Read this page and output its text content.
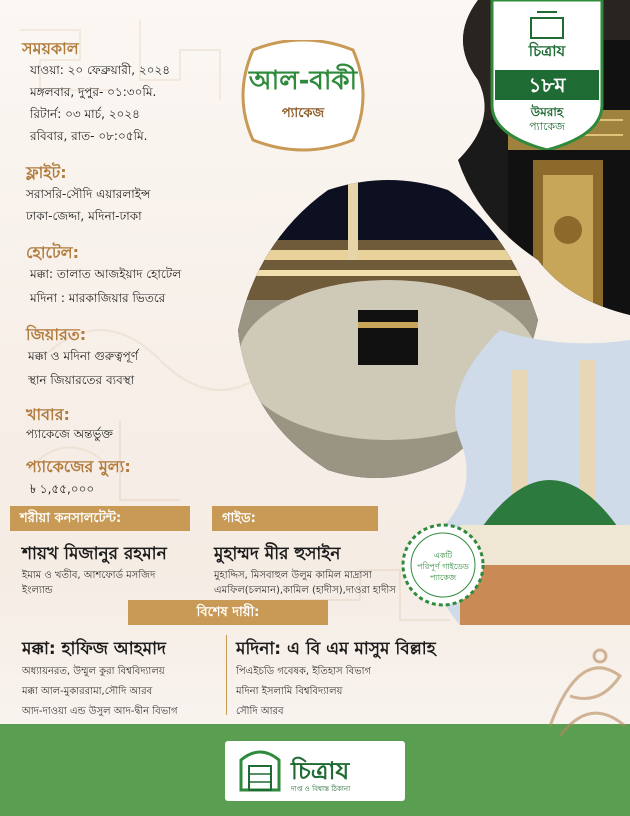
চিত্রায
১৮ম
উমরাহ
প্যাকেজ
আল-বাকী
প্যাকেজ
সময়কাল
যাওয়া: ২০ ফেব্রুয়ারী, ২০২৪
মঙ্গলবার, দুপুর- ০১:৩০মি.
রিটার্ন: ০৩ মার্চ, ২০২৪
রবিবার, রাত- ০৮:০৫মি.
ফ্লাইট:
সরাসরি-সৌদি এয়ারলাইন্স
ঢাকা-জেদ্দা, মদিনা-ঢাকা
হোটেল:
মক্কা: তালাত আজইয়াদ হোটেল
মদিনা : মারকাজিয়ার ভিতরে
জিয়ারত:
মক্কা ও মদিনা গুরুত্বপূর্ণ
স্থান জিয়ারতের ব্যবস্থা
খাবার:
প্যাকেজে অন্তর্ভুক্ত
প্যাকেজের মুল্য:
৳ ১,৫৫,০০০
শরীয়া কনসালটেন্ট:
শায়খ মিজানুর রহমান
ইমাম ও খতীব, আশফোর্ড মসজিদ
ইংল্যান্ড
গাইড:
মুহাম্মদ মীর হুসাইন
মুহাদ্দিস, মিসবাহুল উলুম কামিল মাদ্রাসা
এমফিল(চলমান),কামিল (হাদীস),দাওরা হাদীস
একটি
পরিপূর্ণ গাইডেড
প্যাকেজ
বিশেষ দায়ী:
মক্কা: হাফিজ আহমাদ
অধ্যায়নরত, উম্মুল কুরা বিশ্ববিদ্যালয়
মক্কা আল-মুকাররামা,সৌদি আরব
আদ-দাওয়া এন্ড উসুল আদ-দ্বীন বিভাগ
মদিনা: এ বি এম মাসুম বিল্লাহ
পিএইচডি গবেষক, ইতিহাস বিভাগ
মদিনা ইসলামি বিশ্ববিদ্যালয়
সৌদি আরব
চিত্রায
দাপ্ত ও বিশ্বাস্ত ঠিকানা
